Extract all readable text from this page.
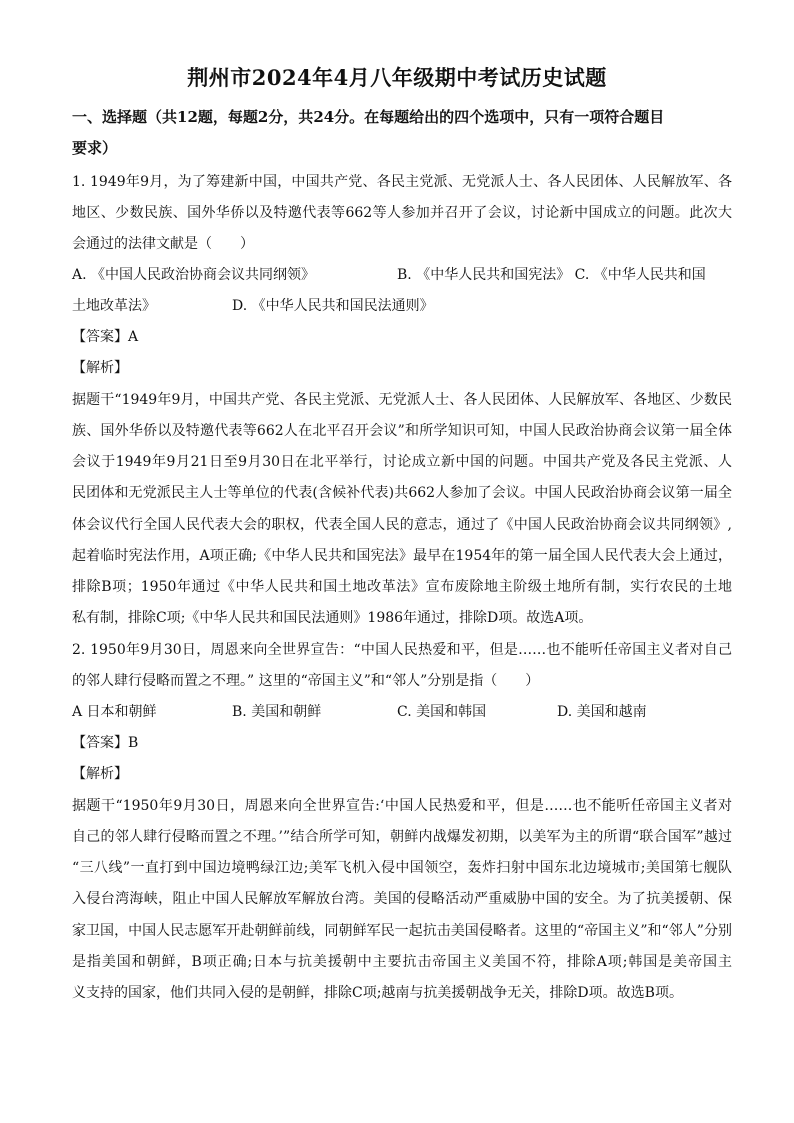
荆州市2024年4月八年级期中考试历史试题
一、选择题（共12题，每题2分，共24分。在每题给出的四个选项中，只有一项符合题目
要求）
1. 1949年9月，为了筹建新中国，中国共产党、各民主党派、无党派人士、各人民团体、人民解放军、各
地区、少数民族、国外华侨以及特邀代表等662等人参加并召开了会议，讨论新中国成立的问题。此次大
会通过的法律文献是（　　）
A. 《中国人民政治协商会议共同纲领》	B. 《中华人民共和国宪法》 C. 《中华人民共和国
土地改革法》	D. 《中华人民共和国民法通则》
【答案】A
【解析】
据题干“1949年9月，中国共产党、各民主党派、无党派人士、各人民团体、人民解放军、各地区、少数民
族、国外华侨以及特邀代表等662人在北平召开会议”和所学知识可知，中国人民政治协商会议第一届全体
会议于1949年9月21日至9月30日在北平举行，讨论成立新中国的问题。中国共产党及各民主党派、人
民团体和无党派民主人士等单位的代表(含候补代表)共662人参加了会议。中国人民政治协商会议第一届全
体会议代行全国人民代表大会的职权，代表全国人民的意志，通过了《中国人民政治协商会议共同纲领》,
起着临时宪法作用，A项正确;《中华人民共和国宪法》最早在1954年的第一届全国人民代表大会上通过，
排除B项；1950年通过《中华人民共和国土地改革法》宣布废除地主阶级土地所有制，实行农民的土地
私有制，排除C项;《中华人民共和国民法通则》1986年通过，排除D项。故选A项。
2. 1950年9月30日，周恩来向全世界宣告：“中国人民热爱和平，但是……也不能听任帝国主义者对自己
的邻人肆行侵略而置之不理。” 这里的“帝国主义”和“邻人”分别是指（　　）
A 日本和朝鲜	B. 美国和朝鲜	C. 美国和韩国	D. 美国和越南
【答案】B
【解析】
据题干“1950年9月30日，周恩来向全世界宣告:‘中国人民热爱和平，但是……也不能听任帝国主义者对
自己的邻人肆行侵略而置之不理。’”结合所学可知，朝鲜内战爆发初期，以美军为主的所谓“联合国军”越过
“三八线”一直打到中国边境鸭绿江边;美军飞机入侵中国领空，轰炸扫射中国东北边境城市;美国第七舰队
入侵台湾海峡，阻止中国人民解放军解放台湾。美国的侵略活动严重威胁中国的安全。为了抗美援朝、保
家卫国，中国人民志愿军开赴朝鲜前线，同朝鲜军民一起抗击美国侵略者。这里的“帝国主义”和“邻人”分别
是指美国和朝鲜，B项正确;日本与抗美援朝中主要抗击帝国主义美国不符，排除A项;韩国是美帝国主
义支持的国家，他们共同入侵的是朝鲜，排除C项;越南与抗美援朝战争无关，排除D项。故选B项。
